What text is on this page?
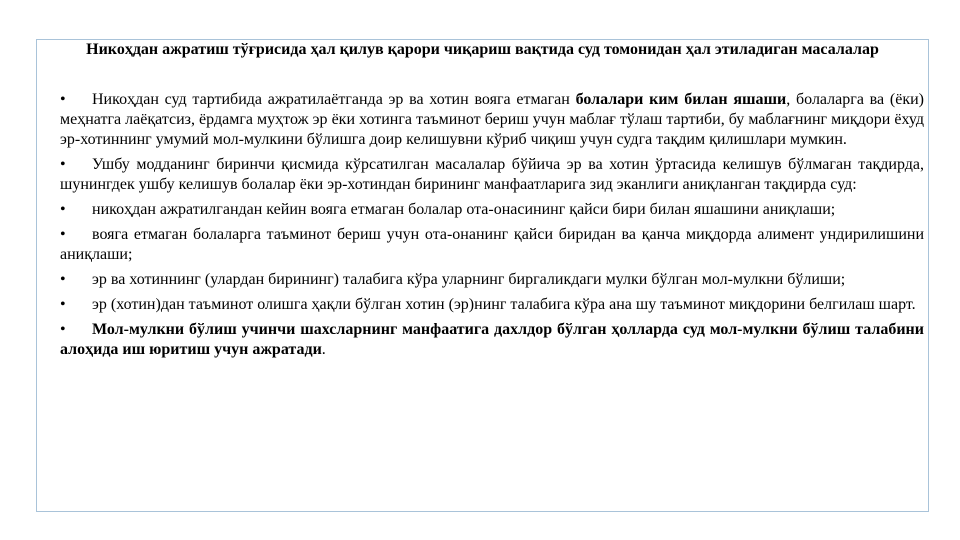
Никоҳдан ажратиш тўғрисида ҳал қилув қарори чиқариш вақтида суд томонидан ҳал этиладиган масалалар
• Никоҳдан суд тартибида ажратилаётганда эр ва хотин вояга етмаган болалари ким билан яшаши, болаларга ва (ёки) меҳнатга лаёқатсиз, ёрдамга муҳтож эр ёки хотинга таъминот бериш учун маблағ тўлаш тартиби, бу маблағнинг миқдори ёхуд эр-хотиннинг умумий мол-мулкини бўлишга доир келишувни кўриб чиқиш учун судга тақдим қилишлари мумкин.
• Ушбу модданинг биринчи қисмида кўрсатилган масалалар бўйича эр ва хотин ўртасида келишув бўлмаган тақдирда, шунингдек ушбу келишув болалар ёки эр-хотиндан бирининг манфаатларига зид эканлиги аниқланган тақдирда суд:
• никоҳдан ажратилгандан кейин вояга етмаган болалар ота-онасининг қайси бири билан яшашини аниқлаши;
• вояга етмаган болаларга таъминот бериш учун ота-онанинг қайси биридан ва қанча миқдорда алимент ундирилишини аниқлаши;
• эр ва хотиннинг (улардан бирининг) талабига кўра уларнинг биргаликдаги мулки бўлган мол-мулкни бўлиши;
• эр (хотин)дан таъминот олишга ҳақли бўлган хотин (эр)нинг талабига кўра ана шу таъминот миқдорини белгилаш шарт.
• Мол-мулкни бўлиш учинчи шахсларнинг манфаатига дахлдор бўлган ҳолларда суд мол-мулкни бўлиш талабини алоҳида иш юритиш учун ажратади.
